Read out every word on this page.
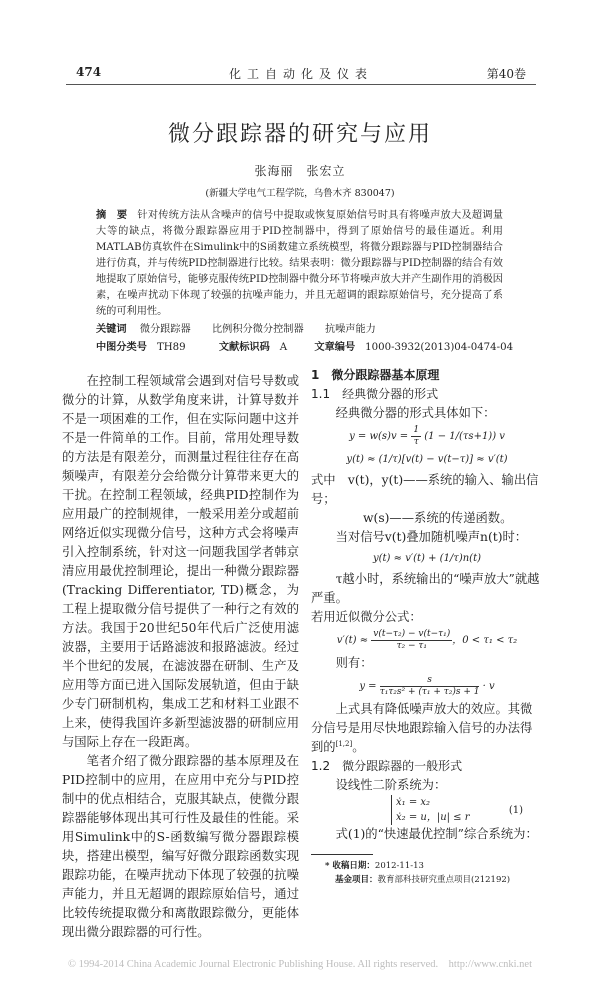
474	化工自动化及仪表	第40卷
微分跟踪器的研究与应用
张海丽　张宏立
(新疆大学电气工程学院，乌鲁木齐 830047)
摘　要 针对传统方法从含噪声的信号中提取或恢复原始信号时具有将噪声放大及超调量大等的缺点，将微分跟踪器应用于PID控制器中，得到了原始信号的最佳逼近。利用MATLAB仿真软件在Simulink中的S函数建立系统模型，将微分跟踪器与PID控制器结合进行仿真，并与传统PID控制器进行比较。结果表明：微分跟踪器与PID控制器的结合有效地提取了原始信号，能够克服传统PID控制器中微分环节将噪声放大并产生副作用的消极因素，在噪声扰动下体现了较强的抗噪声能力，并且无超调的跟踪原始信号，充分提高了系统的可利用性。
关键词 微分跟踪器 比例积分微分控制器 抗噪声能力
中图分类号 TH89	文献标识码 A	文章编号 1000-3932(2013)04-0474-04

在控制工程领域常会遇到对信号导数或微分的计算，从数学角度来讲，计算导数并不是一项困难的工作，但在实际问题中这并不是一件简单的工作。目前，常用处理导数的方法是有限差分，而测量过程往往存在高频噪声，有限差分会给微分计算带来更大的干扰。在控制工程领域，经典PID控制作为应用最广的控制规律，一般采用差分或超前网络近似实现微分信号，这种方式会将噪声引入控制系统，针对这一问题我国学者韩京清应用最优控制理论，提出一种微分跟踪器(Tracking Differentiator, TD)概念，为工程上提取微分信号提供了一种行之有效的方法。我国于20世纪50年代后广泛使用滤波器，主要用于话路滤波和报路滤波。经过半个世纪的发展，在滤波器在研制、生产及应用等方面已进入国际发展轨道，但由于缺少专门研制机构，集成工艺和材料工业跟不上来，使得我国许多新型滤波器的研制应用与国际上存在一段距离。

笔者介绍了微分跟踪器的基本原理及在PID控制中的应用，在应用中充分与PID控制中的优点相结合，克服其缺点，使微分跟踪器能够体现出其可行性及最佳的性能。采用Simulink中的S-函数编写微分器跟踪模块，搭建出模型，编写好微分跟踪函数实现跟踪功能，在噪声扰动下体现了较强的抗噪声能力，并且无超调的跟踪原始信号，通过比较传统提取微分和离散跟踪微分，更能体现出微分跟踪器的可行性。

1　微分跟踪器基本原理
1.1　经典微分器的形式

经典微分器的形式具体如下：

$y = w(s)v = \frac{1}{\tau} (1 - 1/(\tau s+1))$ v
y(t) ≈ (1/τ)[v(t) − v(t−τ)] ≈ v′(t)
式中　v(t)，y(t)——系统的输入、输出信号；
w(s)——系统的传递函数。

当对信号v(t)叠加随机噪声n(t)时：

y(t) ≈ v′(t) + (1/τ)n(t)

τ越小时，系统输出的“噪声放大”就越严重。

若用近似微分公式：
$v'(t) \approx \frac{\text{v(t−τ₂) − v(t−τ₁)}}{\text{τ₂ − τ₁}}$ ，0 < τ₁ < τ₂

则有：

$y = \frac{s}{\text{τ₁τ₂s² + (τ₁ + τ₂)s + 1}} \cdot v$

上式具有降低噪声放大的效应。其微分信号是用尽快地跟踪输入信号的办法得到的[1,2]。

1.2　微分跟踪器的一般形式

设线性二阶系统为：

ẋ₁ = x₂
ẋ₂ = u，|u| ≤ r
(1)

式(1)的“快速最优控制”综合系统为：

* 收稿日期：2012-11-13
基金项目：教育部科技研究重点项目(212192)
© 1994-2014 China Academic Journal Electronic Publishing House. All rights reserved.　http://www.cnki.net
